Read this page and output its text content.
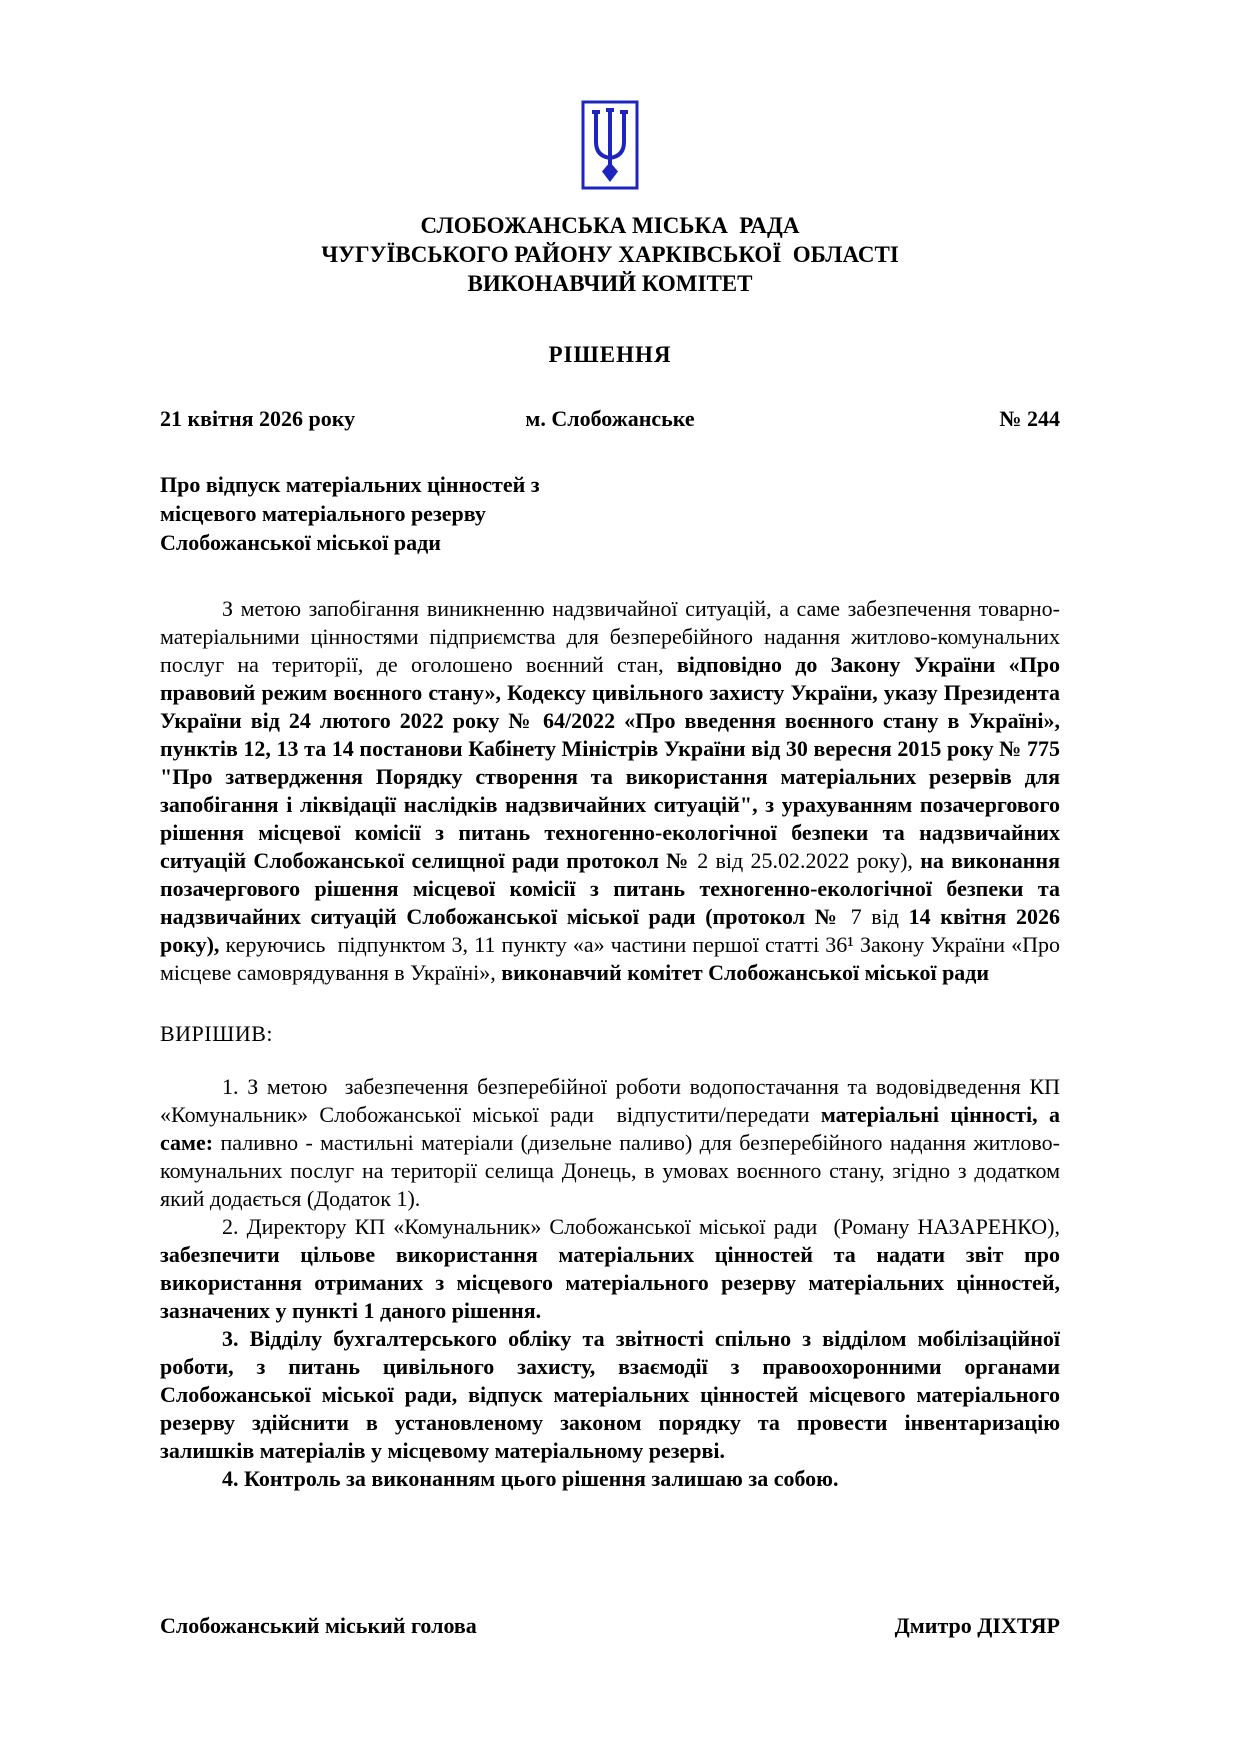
СЛОБОЖАНСЬКА МІСЬКА  РАДА
ЧУГУЇВСЬКОГО РАЙОНУ ХАРКІВСЬКОЇ  ОБЛАСТІ
ВИКОНАВЧИЙ КОМІТЕТ
РІШЕННЯ
21 квітня 2026 року	м. Слобожанське	№ 244
Про відпуск матеріальних цінностей з
місцевого матеріального резерву
Слобожанської міської ради

З метою запобігання виникненню надзвичайної ситуацій, а саме забезпечення товарно-матеріальними цінностями підприємства для безперебійного надання житлово-комунальних послуг на території, де оголошено воєнний стан, відповідно до Закону України «Про правовий режим воєнного стану», Кодексу цивільного захисту України, указу Президента України від 24 лютого 2022 року № 64/2022 «Про введення воєнного стану в Україні», пунктів 12, 13 та 14 постанови Кабінету Міністрів України від 30 вересня 2015 року № 775 "Про затвердження Порядку створення та використання матеріальних резервів для запобігання і ліквідації наслідків надзвичайних ситуацій", з урахуванням позачергового рішення місцевої комісії з питань техногенно-екологічної безпеки та надзвичайних ситуацій Слобожанської селищної ради протокол № 2 від 25.02.2022 року), на виконання позачергового рішення місцевої комісії з питань техногенно-екологічної безпеки та надзвичайних ситуацій Слобожанської міської ради (протокол № 7 від 14 квітня 2026 року), керуючись  підпунктом 3, 11 пункту «а» частини першої статті 36¹ Закону України «Про місцеве самоврядування в Україні», виконавчий комітет Слобожанської міської ради

ВИРІШИВ:

1. З метою  забезпечення безперебійної роботи водопостачання та водовідведення КП «Комунальник» Слобожанської міської ради  відпустити/передати матеріальні цінності, а саме: паливно - мастильні матеріали (дизельне паливо) для безперебійного надання житлово-комунальних послуг на території селища Донець, в умовах воєнного стану, згідно з додатком який додається (Додаток 1).

2. Директору КП «Комунальник» Слобожанської міської ради  (Роману НАЗАРЕНКО), забезпечити цільове використання матеріальних цінностей та надати звіт про використання отриманих з місцевого матеріального резерву матеріальних цінностей, зазначених у пункті 1 даного рішення.

3. Відділу бухгалтерського обліку та звітності спільно з відділом мобілізаційної роботи, з питань цивільного захисту, взаємодії з правоохоронними органами Слобожанської міської ради, відпуск матеріальних цінностей місцевого матеріального резерву здійснити в установленому законом порядку та провести інвентаризацію залишків матеріалів у місцевому матеріальному резерві.

4. Контроль за виконанням цього рішення залишаю за собою.

Слобожанський міський голова	Дмитро ДІХТЯР
